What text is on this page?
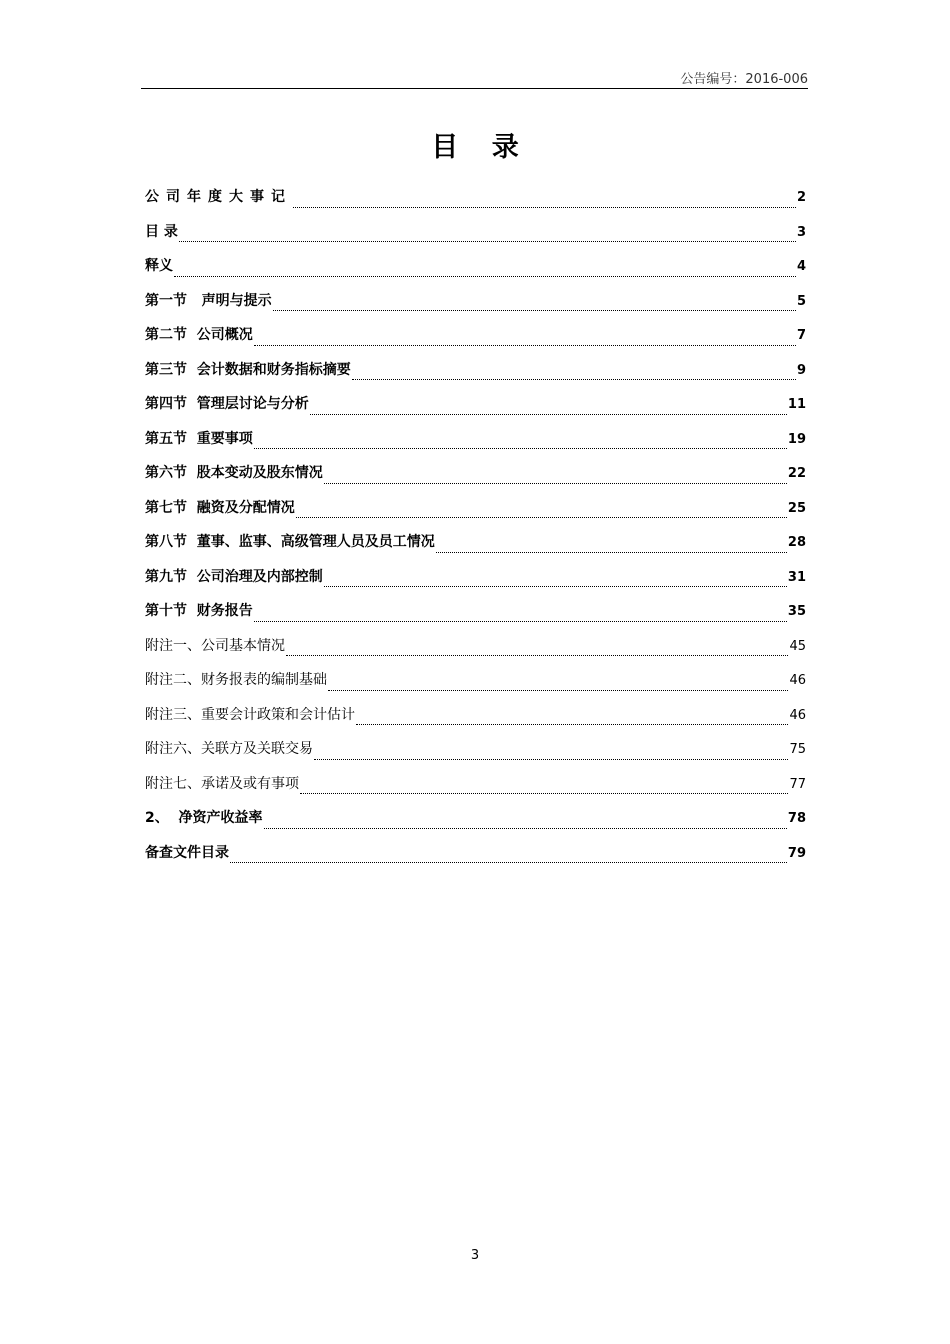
公告编号：2016-006
目 录
公司年度大事记	2
目 录	3
释义	4
第一节   声明与提示	5
第二节  公司概况	7
第三节  会计数据和财务指标摘要	9
第四节  管理层讨论与分析	11
第五节  重要事项	19
第六节  股本变动及股东情况	22
第七节  融资及分配情况	25
第八节  董事、监事、高级管理人员及员工情况	28
第九节  公司治理及内部控制	31
第十节  财务报告	35
附注一、公司基本情况	45
附注二、财务报表的编制基础	46
附注三、重要会计政策和会计估计	46
附注六、关联方及关联交易	75
附注七、承诺及或有事项	77
2、  净资产收益率	78
备查文件目录	79
3
